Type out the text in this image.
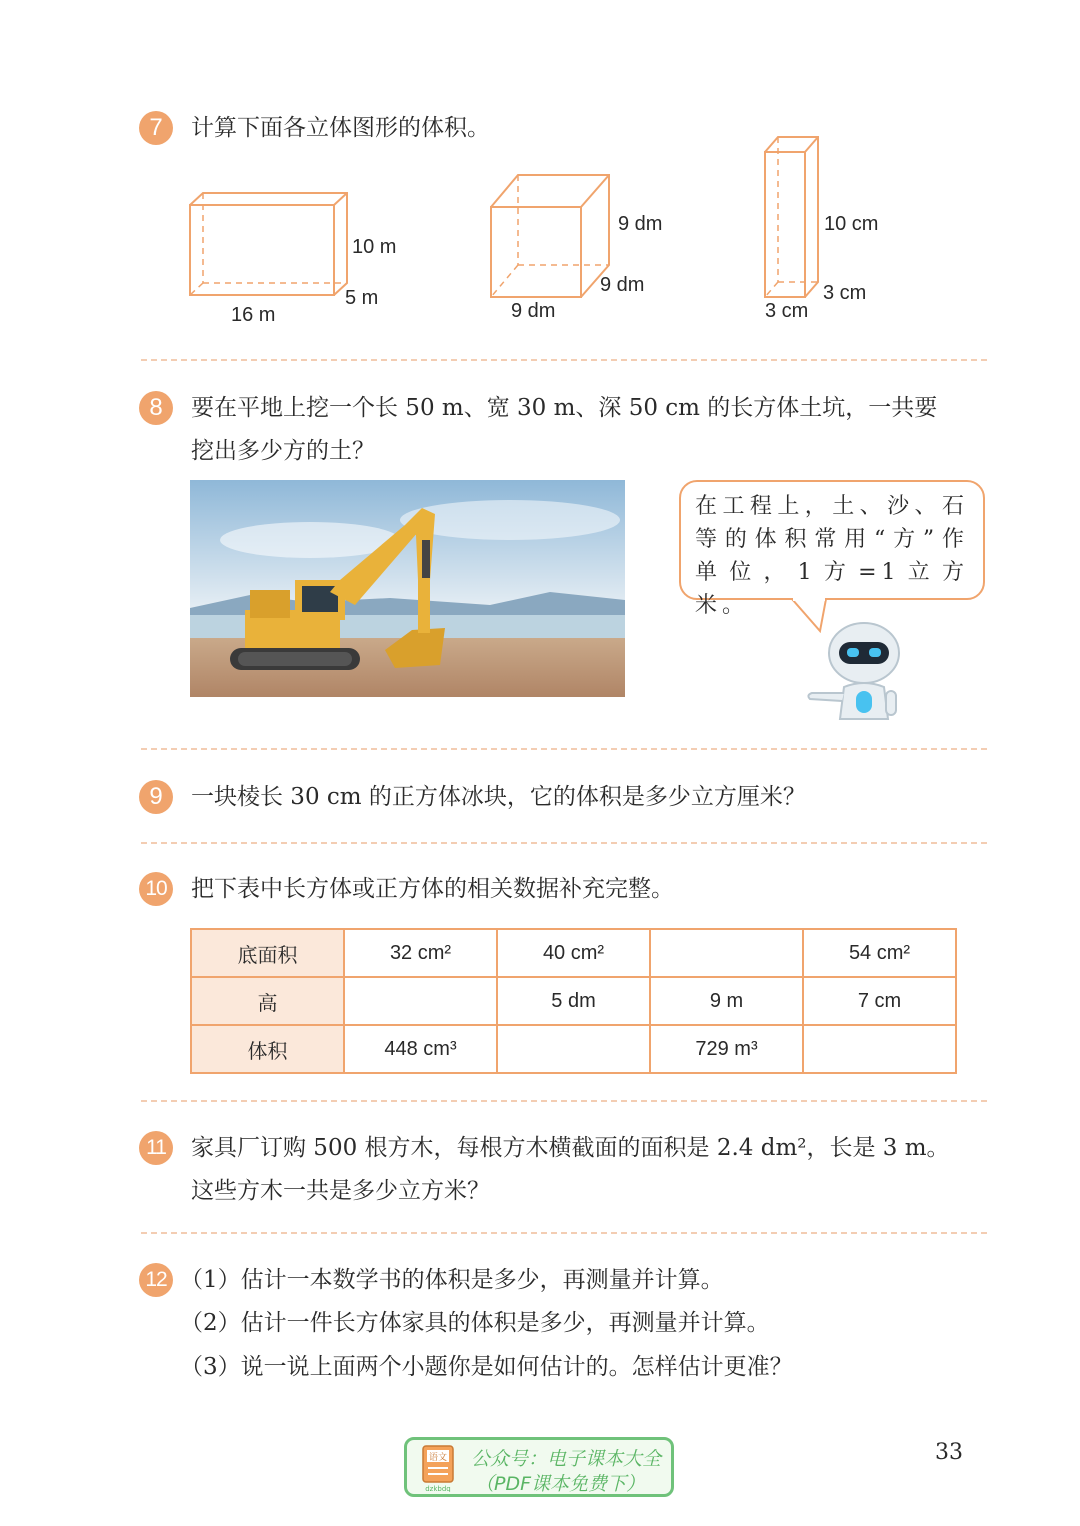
7	计算下面各立体图形的体积。
10 m
5 m
16 m
9 dm
9 dm
9 dm
10 cm
3 cm
3 cm
8	要在平地上挖一个长 50 m、宽 30 m、深 50 cm 的长方体土坑，一共要
挖出多少方的土？
在工程上，土、沙、石等的体积常用“方”作单位，1方=1立方米。
9	一块棱长 30 cm 的正方体冰块，它的体积是多少立方厘米？
10 把下表中长方体或正方体的相关数据补充完整。
底面积	32 cm²	40 cm²		54 cm²
高		5 dm	9 m	7 cm
体积	448 cm³		729 m³	
11	家具厂订购 500 根方木，每根方木横截面的面积是 2.4 dm²，长是 3 m。
这些方木一共是多少立方米？
12 （1）估计一本数学书的体积是多少，再测量并计算。
（2）估计一件长方体家具的体积是多少，再测量并计算。
（3）说一说上面两个小题你是如何估计的。怎样估计更准？
语文
dzkbdq
公众号：电子课本大全
（PDF课本免费下）
33
